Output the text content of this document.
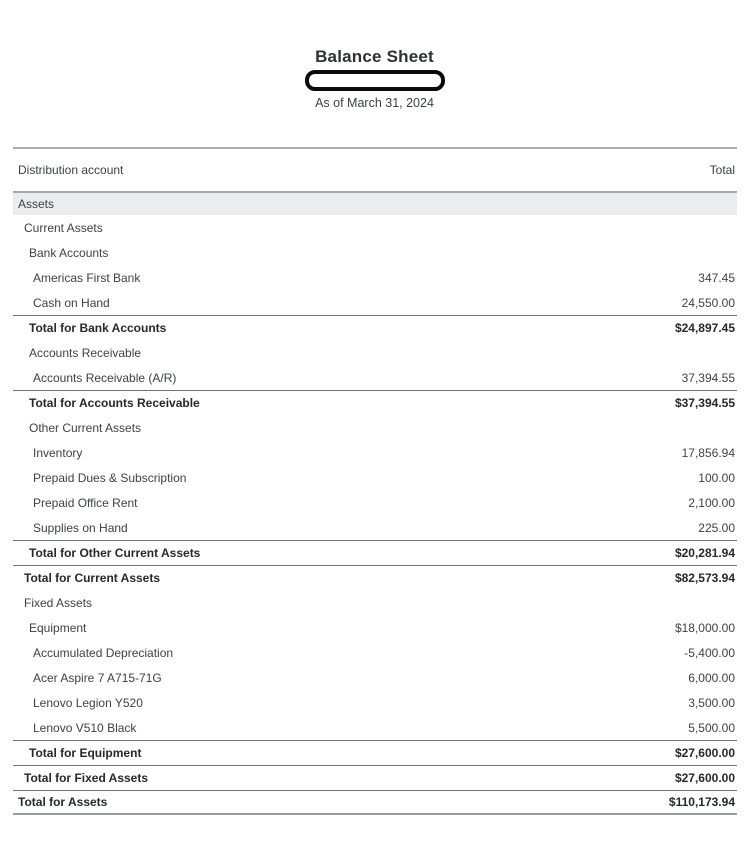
Balance Sheet
As of March 31, 2024
Distribution account	Total
Assets
Current Assets
Bank Accounts
Americas First Bank	347.45
Cash on Hand	24,550.00
Total for Bank Accounts	$24,897.45
Accounts Receivable
Accounts Receivable (A/R)	37,394.55
Total for Accounts Receivable	$37,394.55
Other Current Assets
Inventory	17,856.94
Prepaid Dues & Subscription	100.00
Prepaid Office Rent	2,100.00
Supplies on Hand	225.00
Total for Other Current Assets	$20,281.94
Total for Current Assets	$82,573.94
Fixed Assets
Equipment	$18,000.00
Accumulated Depreciation	-5,400.00
Acer Aspire 7 A715-71G	6,000.00
Lenovo Legion Y520	3,500.00
Lenovo V510 Black	5,500.00
Total for Equipment	$27,600.00
Total for Fixed Assets	$27,600.00
Total for Assets	$110,173.94
